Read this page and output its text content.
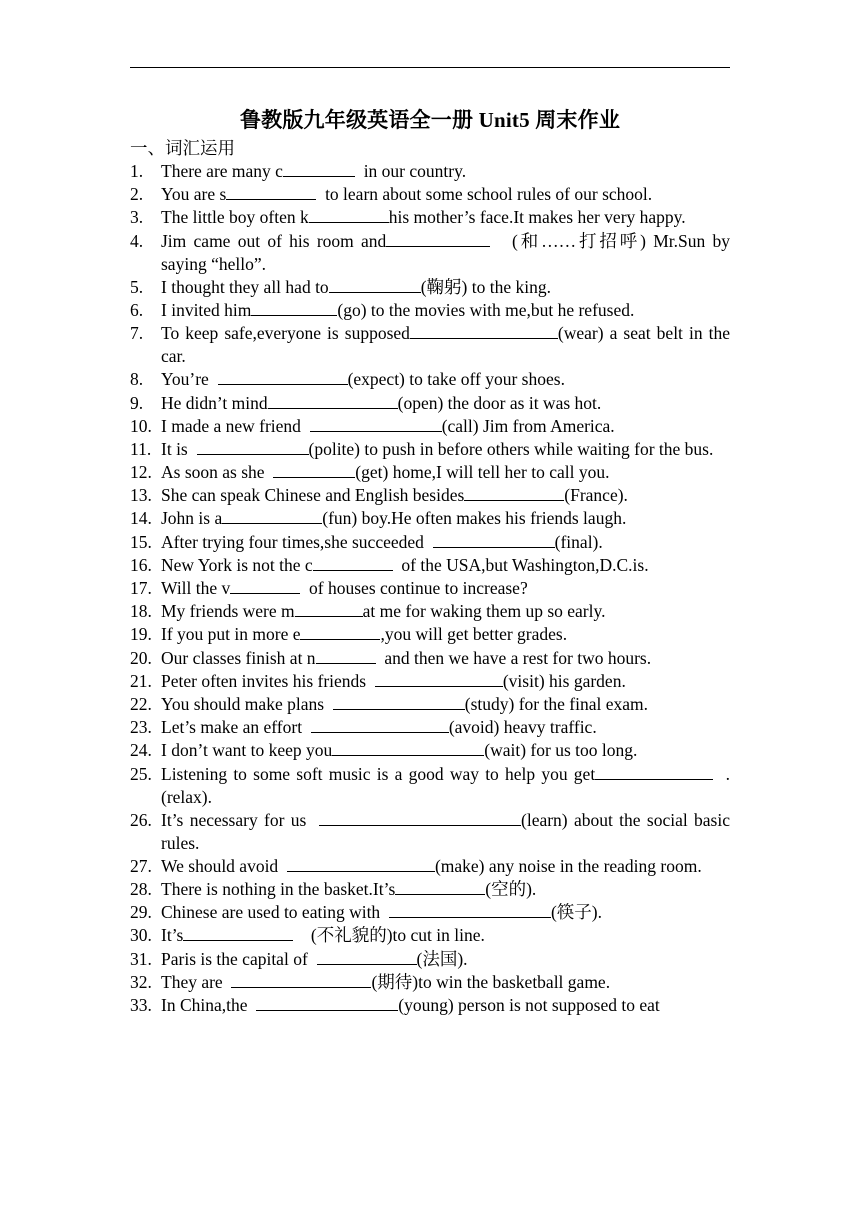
鲁教版九年级英语全一册 Unit5 周末作业
一、词汇运用
1.	There are many c	in our country.
2.	You are s	to learn about some school rules of our school.
3.	The little boy often k	his mother’s face.It makes her very happy.
4.	Jim came out of his room and	(和……打招呼) Mr.Sun by saying “hello”.
5.	I thought they all had to	(鞠躬) to the king.
6.	I invited him	(go) to the movies with me,but he refused.
7.	To keep safe,everyone is supposed	(wear) a seat belt in the car.
8.	You’re	(expect) to take off your shoes.
9.	He didn’t mind	(open) the door as it was hot.
10. I made a new friend	(call) Jim from America.
11. It is	(polite) to push in before others while waiting for the bus.
12. As soon as she	(get) home,I will tell her to call you.
13. She can speak Chinese and English besides	(France).
14. John is a	(fun) boy.He often makes his friends laugh.
15. After trying four times,she succeeded	(final).
16. New York is not the c	of the USA,but Washington,D.C.is.
17. Will the v	of houses continue to increase?
18. My friends were m	at me for waking them up so early.
19. If you put in more e	,you will get better grades.
20. Our classes finish at n	and then we have a rest for two hours.
21. Peter often invites his friends	(visit) his garden.
22. You should make plans	(study) for the final exam.
23. Let’s make an effort	(avoid) heavy traffic.
24. I don’t want to keep you	(wait) for us too long.
25. Listening to some soft music is a good way to help you get	.(relax).
26. It’s necessary for us	(learn) about the social basic rules.
27. We should avoid	(make) any noise in the reading room.
28. There is nothing in the basket.It’s	(空的).
29. Chinese are used to eating with	(筷子).
30. It’s	(不礼貌的)to cut in line.
31. Paris is the capital of	(法国).
32. They are	(期待)to win the basketball game.
33. In China,the	(young) person is not supposed to eat
